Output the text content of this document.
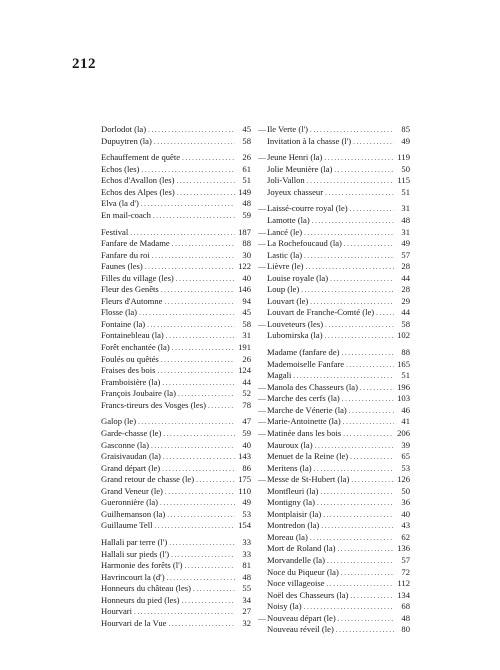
212
Dorlodot (la) .....	45
Dupuytren (la) .....	58
Echauffement de quête .....	26
Echos (les) .....	61
Echos d'Avallon (les) .....	51
Echos des Alpes (les) .....	149
Elva (la d') .....	48
En mail-coach .....	59
Festival .....	187
Fanfare de Madame .....	88
Fanfare du roi .....	30
Faunes (les) .....	122
Filles du village (les) .....	40
Fleur des Genêts .....	146
Fleurs d'Automne .....	94
Flosse (la) .....	45
Fontaine (la) .....	58
Fontainebleau (la) .....	31
Forêt enchantée (la) .....	191
Foulés ou quêtés .....	26
Fraises des bois .....	124
Framboisière (la) .....	44
François Joubaire (la) .....	52
Francs-tireurs des Vosges (les) .....	78
Galop (le) .....	47
Garde-chasse (le) .....	59
Gasconne (la) .....	40
Graisivaudan (la) .....	143
Grand départ (le) .....	86
Grand retour de chasse (le) .....	175
Grand Veneur (le) .....	110
Gueronnière (la) .....	49
Guilhemanson (la) .....	53
Guillaume Tell .....	154
Hallali par terre (l') .....	33
Hallali sur pieds (l') .....	33
Harmonie des forêts (l') .....	81
Havrincourt la (d') .....	48
Honneurs du château (les) .....	55
Honneurs du pied (les) .....	34
Hourvari .....	27
Hourvari de la Vue .....	32
— Ile Verte (l') .....	85
Invitation à la chasse (l') .....	49
— Jeune Henri (la) .....	119
Jolie Meunière (la) .....	50
Joli-Vallon .....	115
Joyeux chasseur .....	51
— Laissé-courre royal (le) .....	31
Lamotte (la) .....	48
— Lancé (le) .....	31
— La Rochefoucaud (la) .....	49
Lastic (la) .....	57
— Lièvre (le) .....	28
Louise royale (la) .....	44
Loup (le) .....	28
Louvart (le) .....	29
Louvart de Franche-Comté (le) .....	44
— Louveteurs (les) .....	58
Lubomirska (la) .....	102
Madame (fanfare de) .....	88
Mademoiselle Fanfare .....	165
Magali .....	51
— Manola des Chasseurs (la) .....	196
— Marche des cerfs (la) .....	103
— Marche de Vénerie (la) .....	46
— Marie-Antoinette (la) .....	41
— Matinée dans les bois .....	206
Mauroux (la) .....	39
Menuet de la Reine (le) .....	65
Meritens (la) .....	53
— Messe de St-Hubert (la) .....	126
Montfleuri (la) .....	50
Montigny (la) .....	36
Montplaisir (la) .....	40
Montredon (la) .....	43
Moreau (la) .....	62
Mort de Roland (la) .....	136
Morvandelle (la) .....	57
Noce du Piqueur (la) .....	72
Noce villageoise .....	112
Noël des Chasseurs (la) .....	134
Noisy (la) .....	68
— Nouveau départ (le) .....	48
Nouveau réveil (le) .....	80
